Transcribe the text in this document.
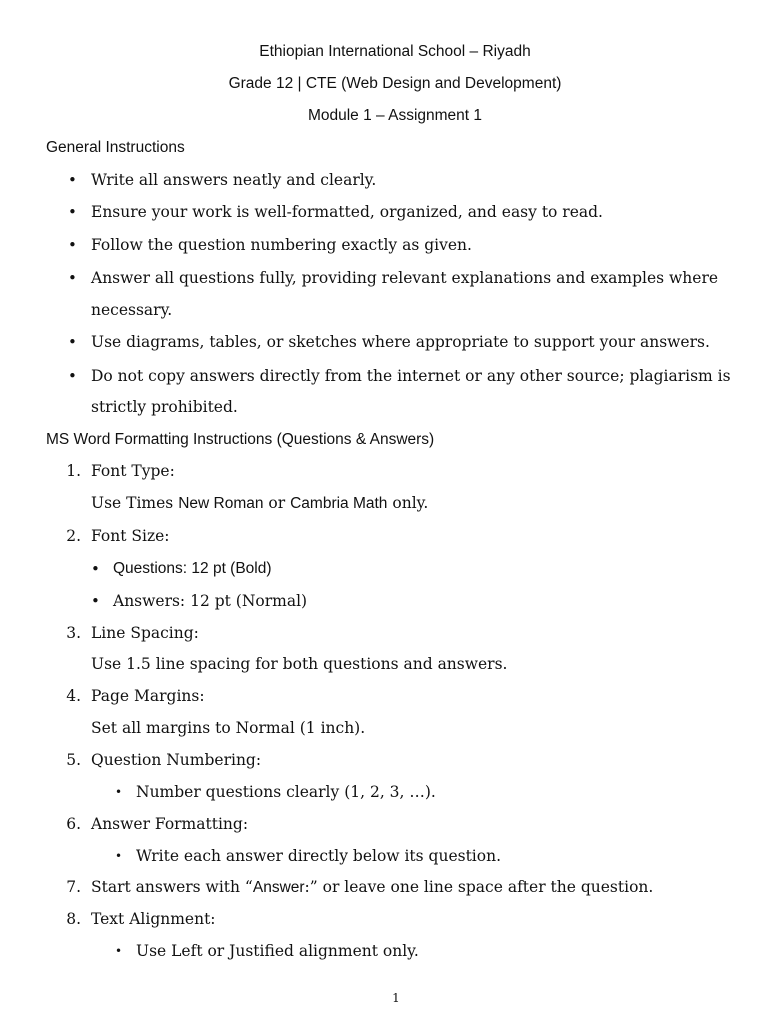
Ethiopian International School – Riyadh
Grade 12 | CTE (Web Design and Development)
Module 1 – Assignment 1
General Instructions
• Write all answers neatly and clearly.
• Ensure your work is well-formatted, organized, and easy to read.
• Follow the question numbering exactly as given.
• Answer all questions fully, providing relevant explanations and examples where
necessary.
• Use diagrams, tables, or sketches where appropriate to support your answers.
• Do not copy answers directly from the internet or any other source; plagiarism is
strictly prohibited.
MS Word Formatting Instructions (Questions & Answers)
1. Font Type:
Use Times New Roman or Cambria Math only.
2. Font Size:
• Questions: 12 pt (Bold)
• Answers: 12 pt (Normal)
3. Line Spacing:
Use 1.5 line spacing for both questions and answers.
4. Page Margins:
Set all margins to Normal (1 inch).
5. Question Numbering:
• Number questions clearly (1, 2, 3, …).
6. Answer Formatting:
• Write each answer directly below its question.
7. Start answers with “Answer:” or leave one line space after the question.
8. Text Alignment:
• Use Left or Justified alignment only.
1
